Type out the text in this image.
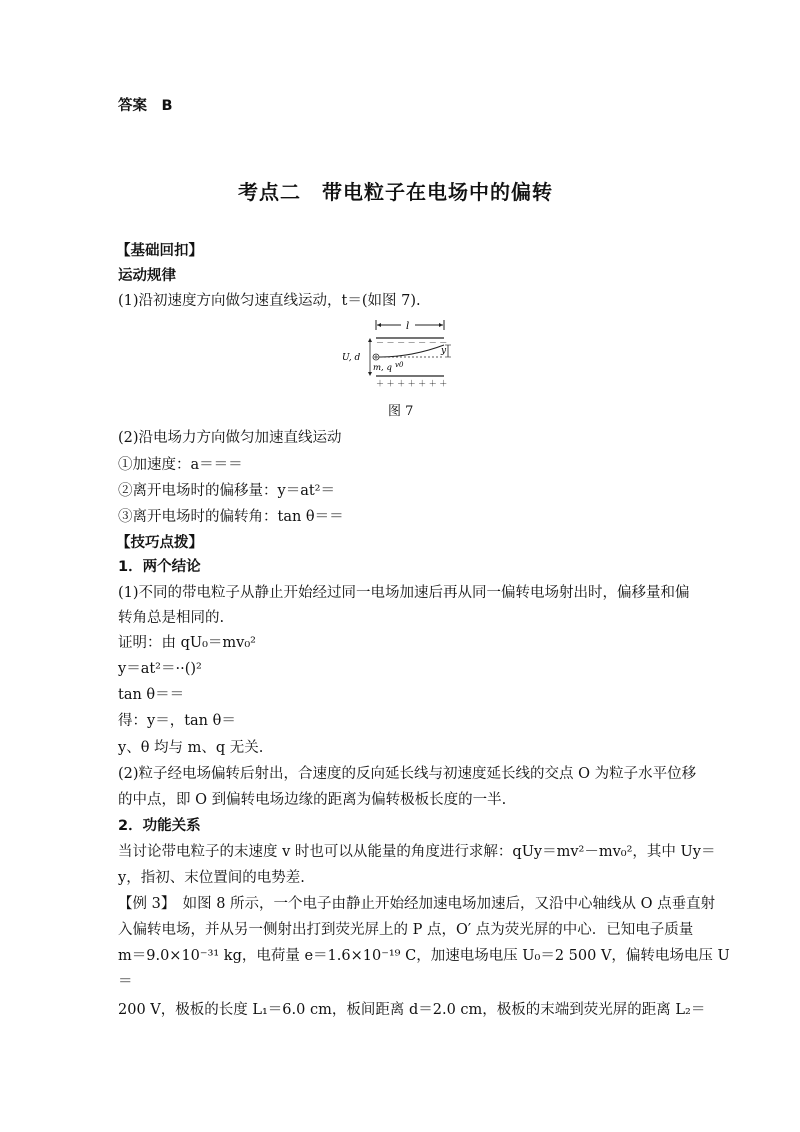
答案　B
考点二　带电粒子在电场中的偏转
【基础回扣】
运动规律
(1)沿初速度方向做匀速直线运动，t＝(如图 7).
l
－ － － － － － －
＋ ＋ ＋ ＋ ＋ ＋ ＋
U, d
y
m, q v0
图 7
(2)沿电场力方向做匀加速直线运动
①加速度：a＝＝＝
②离开电场时的偏移量：y＝at²＝
③离开电场时的偏转角：tan θ＝＝
【技巧点拨】
1．两个结论
(1)不同的带电粒子从静止开始经过同一电场加速后再从同一偏转电场射出时，偏移量和偏
转角总是相同的.
证明：由 qU₀＝mv₀²
y＝at²＝··()²
tan θ＝＝
得：y＝，tan θ＝
y、θ 均与 m、q 无关.
(2)粒子经电场偏转后射出，合速度的反向延长线与初速度延长线的交点 O 为粒子水平位移
的中点，即 O 到偏转电场边缘的距离为偏转极板长度的一半.
2．功能关系
当讨论带电粒子的末速度 v 时也可以从能量的角度进行求解：qUy＝mv²－mv₀²，其中 Uy＝
y，指初、末位置间的电势差.
【例 3】　如图 8 所示，一个电子由静止开始经加速电场加速后，又沿中心轴线从 O 点垂直射
入偏转电场，并从另一侧射出打到荧光屏上的 P 点，O′ 点为荧光屏的中心．已知电子质量
m＝9.0×10⁻³¹ kg，电荷量 e＝1.6×10⁻¹⁹ C，加速电场电压 U₀＝2 500 V，偏转电场电压 U
＝
200 V，极板的长度 L₁＝6.0 cm，板间距离 d＝2.0 cm，极板的末端到荧光屏的距离 L₂＝
